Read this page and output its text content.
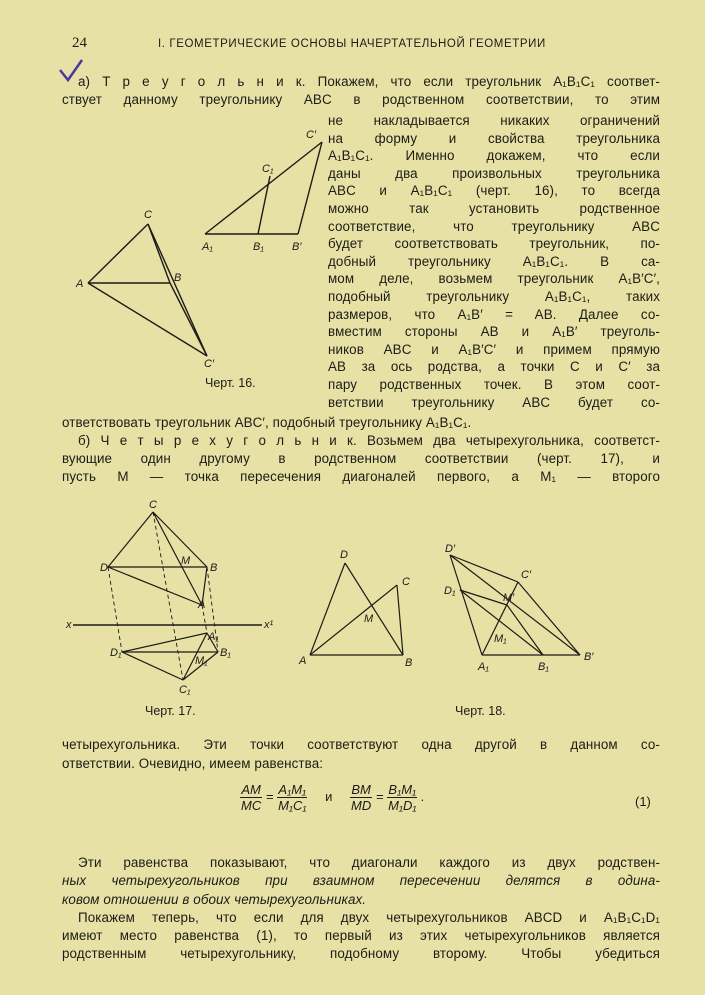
24	I. ГЕОМЕТРИЧЕСКИЕ ОСНОВЫ НАЧЕРТАТЕЛЬНОЙ ГЕОМЕТРИИ
C′
C₁
A₁	B₁	B′
C
A	B
C′
C
D	B
A
M
x	x¹
A₁
D₁	B₁
M₁
C₁
D
C
M
A	B
D′
C′
M′
D₁
M₁
A₁	B₁
B′
а) Т р е у г о л ь н и к. Покажем, что если треугольник A₁B₁C₁ соответ-
ствует данному треугольнику ABC в родственном соответствии, то этим
не накладывается никаких ограничений
на форму и свойства треугольника
A₁B₁C₁. Именно докажем, что если
даны два произвольных треугольника
ABC и A₁B₁C₁ (черт. 16), то всегда
можно так установить родственное
соответствие, что треугольнику ABC
будет соответствовать треугольник, по-
добный треугольнику A₁B₁C₁. В са-
мом деле, возьмем треугольник A₁B′C′,
подобный треугольнику A₁B₁C₁, таких
размеров, что A₁B′ = AB. Далее со-
вместим стороны AB и A₁B′ треуголь-
ников ABC и A₁B′C′ и примем прямую
AB за ось родства, а точки C и C′ за
пару родственных точек. В этом соот-
ветствии треугольнику ABC будет со-
Черт. 16.
ответствовать треугольник ABC′, подобный треугольнику A₁B₁C₁.
б) Ч е т ы р е х у г о л ь н и к. Возьмем два четырехугольника, соответст-
вующие один другому в родственном соответствии (черт. 17), и
пусть M — точка пересечения диагоналей первого, а M₁ — второго
Черт. 17.	Черт. 18.
четырехугольника. Эти точки соответствуют одна другой в данном со-
ответствии. Очевидно, имеем равенства:
$\frac{AM}{MC} = \frac{\text{A₁M₁}}{\text{M₁C₁}}$ и $\frac{BM}{MD} = \frac{\text{B₁M₁}}{\text{M₁D₁}}$ .	(1)
Эти равенства показывают, что диагонали каждого из двух родствен-
ных четырехугольников при взаимном пересечении делятся в одина-
ковом отношении в обоих четырехугольниках.
Покажем теперь, что если для двух четырехугольников ABCD и A₁B₁C₁D₁
имеют место равенства (1), то первый из этих четырехугольников является
родственным четырехугольнику, подобному второму. Чтобы убедиться
